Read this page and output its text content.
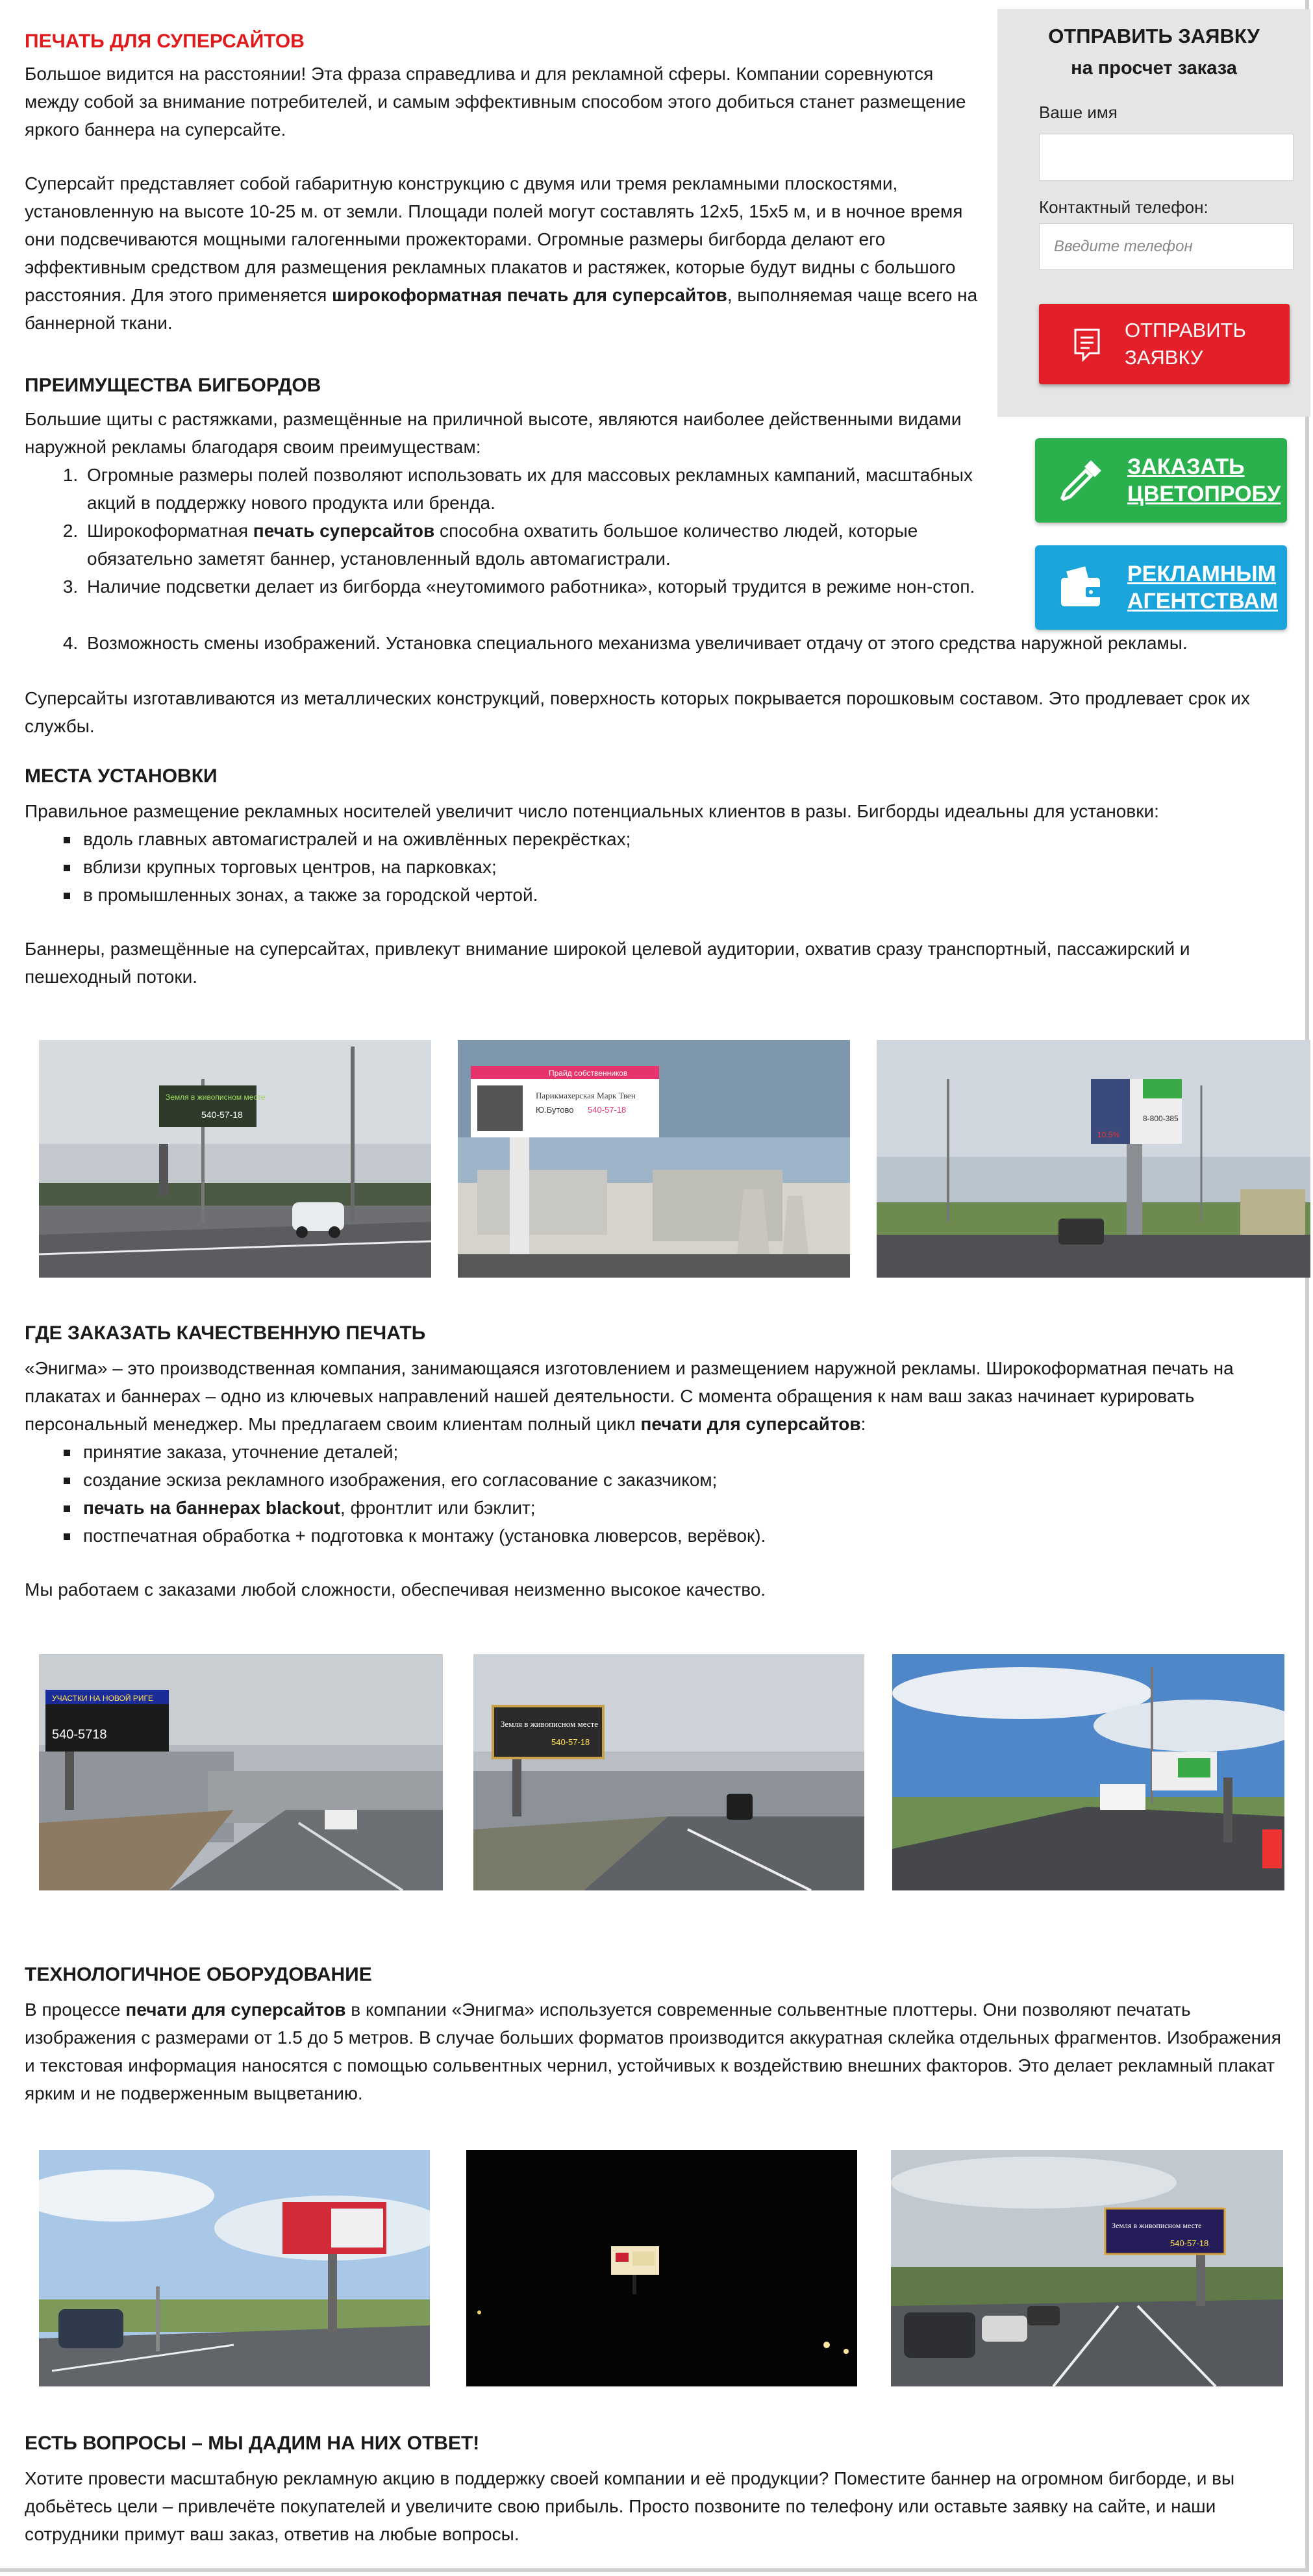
ПЕЧАТЬ ДЛЯ СУПЕРСАЙТОВ

Большое видится на расстоянии! Эта фраза справедлива и для рекламной сферы. Компании соревнуются между собой за внимание потребителей, и самым эффективным способом этого добиться станет размещение яркого баннера на суперсайте.

Суперсайт представляет собой габаритную конструкцию с двумя или тремя рекламными плоскостями, установленную на высоте 10-25 м. от земли. Площади полей могут составлять 12х5, 15х5 м, и в ночное время они подсвечиваются мощными галогенными прожекторами. Огромные размеры бигборда делают его эффективным средством для размещения рекламных плакатов и растяжек, которые будут видны с большого расстояния. Для этого применяется широкоформатная печать для суперсайтов, выполняемая чаще всего на баннерной ткани.

ПРЕИМУЩЕСТВА БИГБОРДОВ

Большие щиты с растяжками, размещённые на приличной высоте, являются наиболее действенными видами наружной рекламы благодаря своим преимуществам:

1. Огромные размеры полей позволяют использовать их для массовых рекламных кампаний, масштабных акций в поддержку нового продукта или бренда.
2. Широкоформатная печать суперсайтов способна охватить большое количество людей, которые обязательно заметят баннер, установленный вдоль автомагистрали.
3. Наличие подсветки делает из бигборда «неутомимого работника», который трудится в режиме нон-стоп.
4. Возможность смены изображений. Установка специального механизма увеличивает отдачу от этого средства наружной рекламы.

Суперсайты изготавливаются из металлических конструкций, поверхность которых покрывается порошковым составом. Это продлевает срок их службы.

МЕСТА УСТАНОВКИ

Правильное размещение рекламных носителей увеличит число потенциальных клиентов в разы. Бигборды идеальны для установки:

вдоль главных автомагистралей и на оживлённых перекрёстках;
вблизи крупных торговых центров, на парковках;
в промышленных зонах, а также за городской чертой.

Баннеры, размещённые на суперсайтах, привлекут внимание широкой целевой аудитории, охватив сразу транспортный, пассажирский и пешеходный потоки.

Земля в живописном месте
540-57-18
Прайд собственников
Парикмахерская Марк Твен
Ю.Бутово 540-57-18
10,5%
8-800-385
ГДЕ ЗАКАЗАТЬ КАЧЕСТВЕННУЮ ПЕЧАТЬ

«Энигма» – это производственная компания, занимающаяся изготовлением и размещением наружной рекламы. Широкоформатная печать на плакатах и баннерах – одно из ключевых направлений нашей деятельности. С момента обращения к нам ваш заказ начинает курировать персональный менеджер. Мы предлагаем своим клиентам полный цикл печати для суперсайтов:

принятие заказа, уточнение деталей;
создание эскиза рекламного изображения, его согласование с заказчиком;
печать на баннерах blackout, фронтлит или бэклит;
постпечатная обработка + подготовка к монтажу (установка люверсов, верёвок).

Мы работаем с заказами любой сложности, обеспечивая неизменно высокое качество.

УЧАСТКИ НА НОВОЙ РИГЕ
540-5718
Земля в живописном месте
540-57-18
ТЕХНОЛОГИЧНОЕ ОБОРУДОВАНИЕ

В процессе печати для суперсайтов в компании «Энигма» используется современные сольвентные плоттеры. Они позволяют печатать изображения с размерами от 1.5 до 5 метров. В случае больших форматов производится аккуратная склейка отдельных фрагментов. Изображения и текстовая информация наносятся с помощью сольвентных чернил, устойчивых к воздействию внешних факторов. Это делает рекламный плакат ярким и не подверженным выцветанию.

Земля в живописном месте
540-57-18
ЕСТЬ ВОПРОСЫ – МЫ ДАДИМ НА НИХ ОТВЕТ!

Хотите провести масштабную рекламную акцию в поддержку своей компании и её продукции? Поместите баннер на огромном бигборде, и вы добьётесь цели – привлечёте покупателей и увеличите свою прибыль. Просто позвоните по телефону или оставьте заявку на сайте, и наши сотрудники примут ваш заказ, ответив на любые вопросы.

ОТПРАВИТЬ ЗАЯВКУ
на просчет заказа
Ваше имя
Контактный телефон:
Введите телефон
ОТПРАВИТЬ
ЗАЯВКУ
ЗАКАЗАТЬ
ЦВЕТОПРОБУ
РЕКЛАМНЫМ
АГЕНТСТВАМ
